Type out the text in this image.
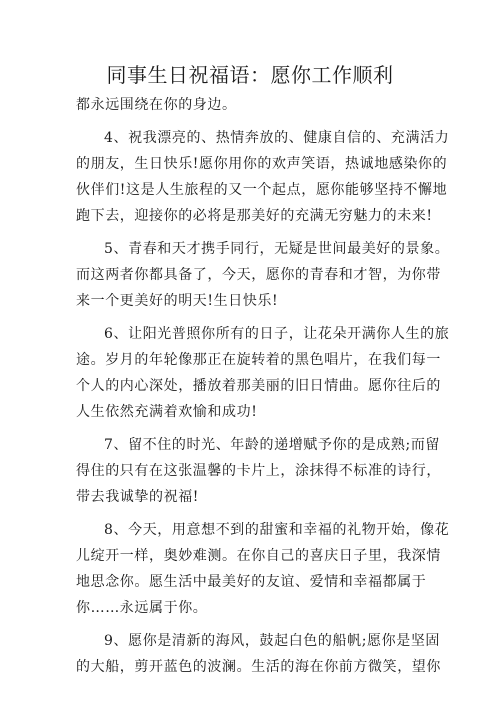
同事生日祝福语：愿你工作顺利
都永远围绕在你的身边。
4、祝我漂亮的、热情奔放的、健康自信的、充满活力
的朋友，生日快乐!愿你用你的欢声笑语，热诚地感染你的
伙伴们!这是人生旅程的又一个起点，愿你能够坚持不懈地
跑下去，迎接你的必将是那美好的充满无穷魅力的未来!
5、青春和天才携手同行，无疑是世间最美好的景象。
而这两者你都具备了，今天，愿你的青春和才智，为你带
来一个更美好的明天!生日快乐!
6、让阳光普照你所有的日子，让花朵开满你人生的旅
途。岁月的年轮像那正在旋转着的黑色唱片，在我们每一
个人的内心深处，播放着那美丽的旧日情曲。愿你往后的
人生依然充满着欢愉和成功!
7、留不住的时光、年龄的递增赋予你的是成熟;而留
得住的只有在这张温馨的卡片上，涂抹得不标准的诗行，
带去我诚挚的祝福!
8、今天，用意想不到的甜蜜和幸福的礼物开始，像花
儿绽开一样，奥妙难测。在你自己的喜庆日子里，我深情
地思念你。愿生活中最美好的友谊、爱情和幸福都属于
你……永远属于你。
9、愿你是清新的海风，鼓起白色的船帆;愿你是坚固
的大船，剪开蓝色的波澜。生活的海在你前方微笑，望你
